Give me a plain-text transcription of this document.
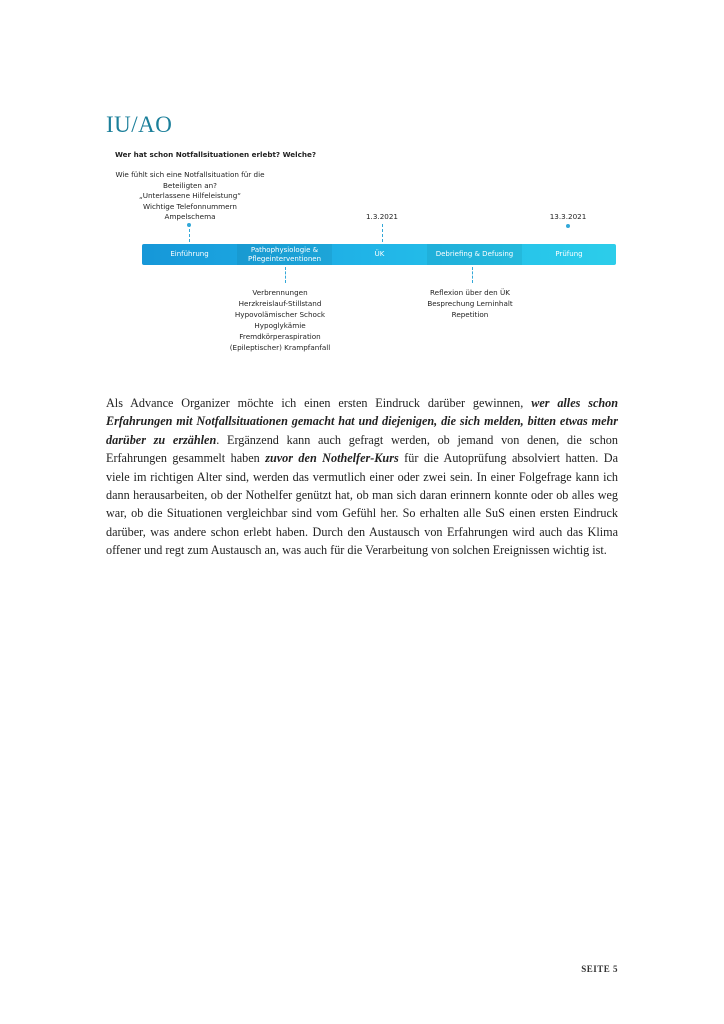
IU/AO
Wer hat schon Notfallsituationen erlebt? Welche?
Wie fühlt sich eine Notfallsituation für die
Beteiligten an?
„Unterlassene Hilfeleistung“
Wichtige Telefonnummern
Ampelschema	1.3.2021	13.3.2021
Einführung
Pathophysiologie & Pflegeinterventionen
ÜK	Debriefing & Defusing	Prüfung
Verbrennungen
Herzkreislauf-Stillstand
Hypovolämischer Schock
Hypoglykämie
Fremdkörperaspiration
(Epileptischer) Krampfanfall
Reflexion über den ÜK
Besprechung Lerninhalt
Repetition
Als Advance Organizer möchte ich einen ersten Eindruck darüber gewinnen, wer alles schon Erfahrungen mit Notfallsituationen gemacht hat und diejenigen, die sich melden, bitten etwas mehr darüber zu erzählen. Ergänzend kann auch gefragt werden, ob jemand von denen, die schon Erfahrungen gesammelt haben zuvor den Nothelfer-Kurs für die Autoprüfung absolviert hatten. Da viele im richtigen Alter sind, werden das vermutlich einer oder zwei sein. In einer Folgefrage kann ich dann herausarbeiten, ob der Nothelfer genützt hat, ob man sich daran erinnern konnte oder ob alles weg war, ob die Situationen vergleichbar sind vom Gefühl her. So erhalten alle SuS einen ersten Eindruck darüber, was andere schon erlebt haben. Durch den Austausch von Erfahrungen wird auch das Klima offener und regt zum Austausch an, was auch für die Verarbeitung von solchen Ereignissen wichtig ist.
SEITE 5
